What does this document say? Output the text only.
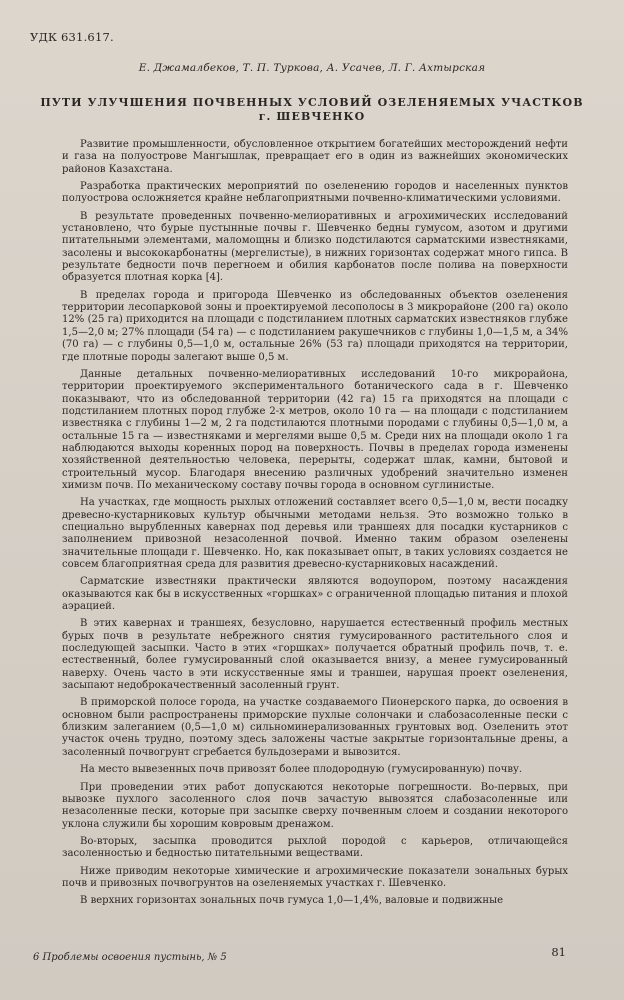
УДК 631.617.
Е. Джамалбеков, Т. П. Туркова, А. Усачев, Л. Г. Ахтырская
ПУТИ УЛУЧШЕНИЯ ПОЧВЕННЫХ УСЛОВИЙ ОЗЕЛЕНЯЕМЫХ УЧАСТКОВ
г. ШЕВЧЕНКО

Развитие промышленности, обусловленное открытием богатейших месторождений нефти и газа на полуострове Мангышлак, превращает его в один из важнейших экономических районов Казахстана.

Разработка практических мероприятий по озеленению городов и населенных пунктов полуострова осложняется крайне неблагоприятными почвенно-климатическими условиями.

В результате проведенных почвенно-мелиоративных и агрохимических исследований установлено, что бурые пустынные почвы г. Шевченко бедны гумусом, азотом и другими питательными элементами, маломощны и близко подстилаются сарматскими известняками, засолены и высококарбонатны (мергелистые), в нижних горизонтах содержат много гипса. В результате бедности почв перегноем и обилия карбонатов после полива на поверхности образуется плотная корка [4].

В пределах города и пригорода Шевченко из обследованных объектов озеленения территории лесопарковой зоны и проектируемой лесополосы в 3 микрорайоне (200 га) около 12% (25 га) приходится на площади с подстиланием плотных сарматских известняков глубже 1,5—2,0 м; 27% площади (54 га) — с подстиланием ракушечников с глубины 1,0—1,5 м, а 34% (70 га) — с глубины 0,5—1,0 м, остальные 26% (53 га) площади приходятся на территории, где плотные породы залегают выше 0,5 м.

Данные детальных почвенно-мелиоративных исследований 10-го микрорайона, территории проектируемого экспериментального ботанического сада в г. Шевченко показывают, что из обследованной территории (42 га) 15 га приходятся на площади с подстиланием плотных пород глубже 2-х метров, около 10 га — на площади с подстиланием известняка с глубины 1—2 м, 2 га подстилаются плотными породами с глубины 0,5—1,0 м, а остальные 15 га — известняками и мергелями выше 0,5 м. Среди них на площади около 1 га наблюдаются выходы коренных пород на поверхность. Почвы в пределах города изменены хозяйственной деятельностью человека, перерыты, содержат шлак, камни, бытовой и строительный мусор. Благодаря внесению различных удобрений значительно изменен химизм почв. По механическому составу почвы города в основном суглинистые.

На участках, где мощность рыхлых отложений составляет всего 0,5—1,0 м, вести посадку древесно-кустарниковых культур обычными методами нельзя. Это возможно только в специально вырубленных кавернах под деревья или траншеях для посадки кустарников с заполнением привозной незасоленной почвой. Именно таким образом озеленены значительные площади г. Шевченко. Но, как показывает опыт, в таких условиях создается не совсем благоприятная среда для развития древесно-кустарниковых насаждений.

Сарматские известняки практически являются водоупором, поэтому насаждения оказываются как бы в искусственных «горшках» с ограниченной площадью питания и плохой аэрацией.

В этих кавернах и траншеях, безусловно, нарушается естественный профиль местных бурых почв в результате небрежного снятия гумусированного растительного слоя и последующей засыпки. Часто в этих «горшках» получается обратный профиль почв, т. е. естественный, более гумусированный слой оказывается внизу, а менее гумусированный наверху. Очень часто в эти искусственные ямы и траншеи, нарушая проект озеленения, засыпают недоброкачественный засоленный грунт.

В приморской полосе города, на участке создаваемого Пионерского парка, до освоения в основном были распространены приморские пухлые солончаки и слабозасоленные пески с близким залеганием (0,5—1,0 м) сильноминерализованных грунтовых вод. Озеленить этот участок очень трудно, поэтому здесь заложены частые закрытые горизонтальные дрены, а засоленный почвогрунт сгребается бульдозерами и вывозится.

На место вывезенных почв привозят более плодородную (гумусированную) почву.

При проведении этих работ допускаются некоторые погрешности. Во-первых, при вывозке пухлого засоленного слоя почв зачастую вывозятся слабозасоленные или незасоленные пески, которые при засыпке сверху почвенным слоем и создании некоторого уклона служили бы хорошим ковровым дренажом.

Во-вторых, засыпка проводится рыхлой породой с карьеров, отличающейся засоленностью и бедностью питательными веществами.

Ниже приводим некоторые химические и агрохимические показатели зональных бурых почв и привозных почвогрунтов на озеленяемых участках г. Шевченко.

В верхних горизонтах зональных почв гумуса 1,0—1,4%, валовые и подвижные

6 Проблемы освоения пустынь, № 5	81
